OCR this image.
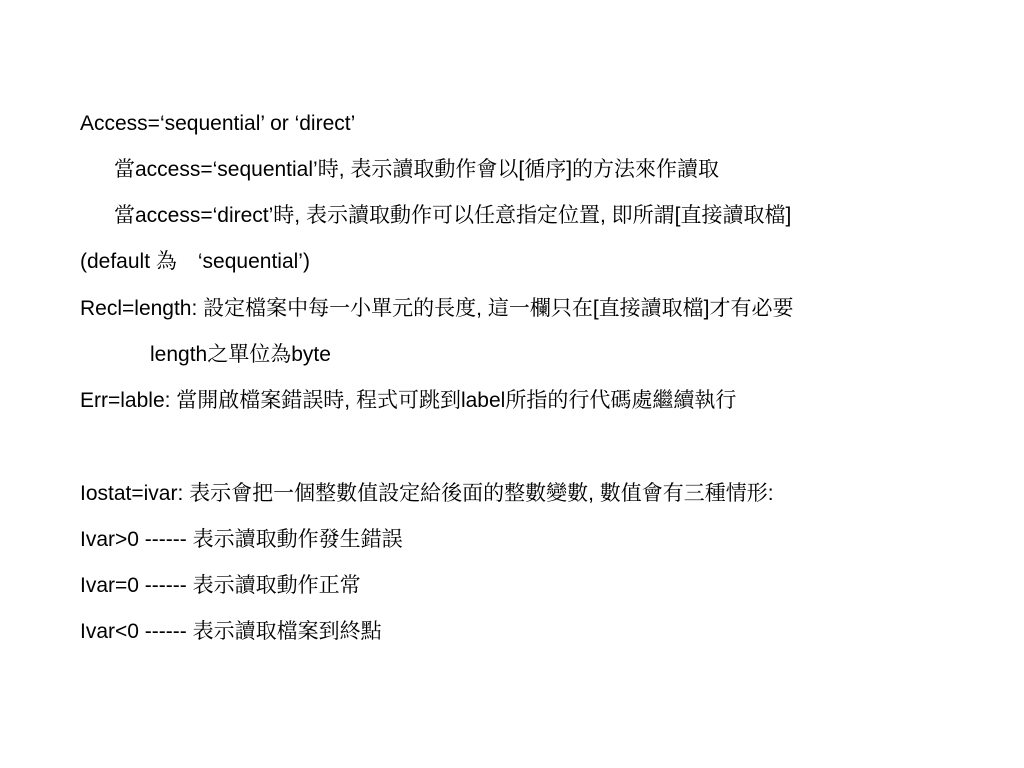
Access=‘sequential’ or ‘direct’
當access=‘sequential’時, 表示讀取動作會以[循序]的方法來作讀取
當access=‘direct’時, 表示讀取動作可以任意指定位置, 即所謂[直接讀取檔]
(default 為　‘sequential’)
Recl=length: 設定檔案中每一小單元的長度, 這一欄只在[直接讀取檔]才有必要
length之單位為byte
Err=lable: 當開啟檔案錯誤時, 程式可跳到label所指的行代碼處繼續執行
Iostat=ivar: 表示會把一個整數值設定給後面的整數變數, 數值會有三種情形:
Ivar>0 ------ 表示讀取動作發生錯誤
Ivar=0 ------ 表示讀取動作正常
Ivar<0 ------ 表示讀取檔案到終點
